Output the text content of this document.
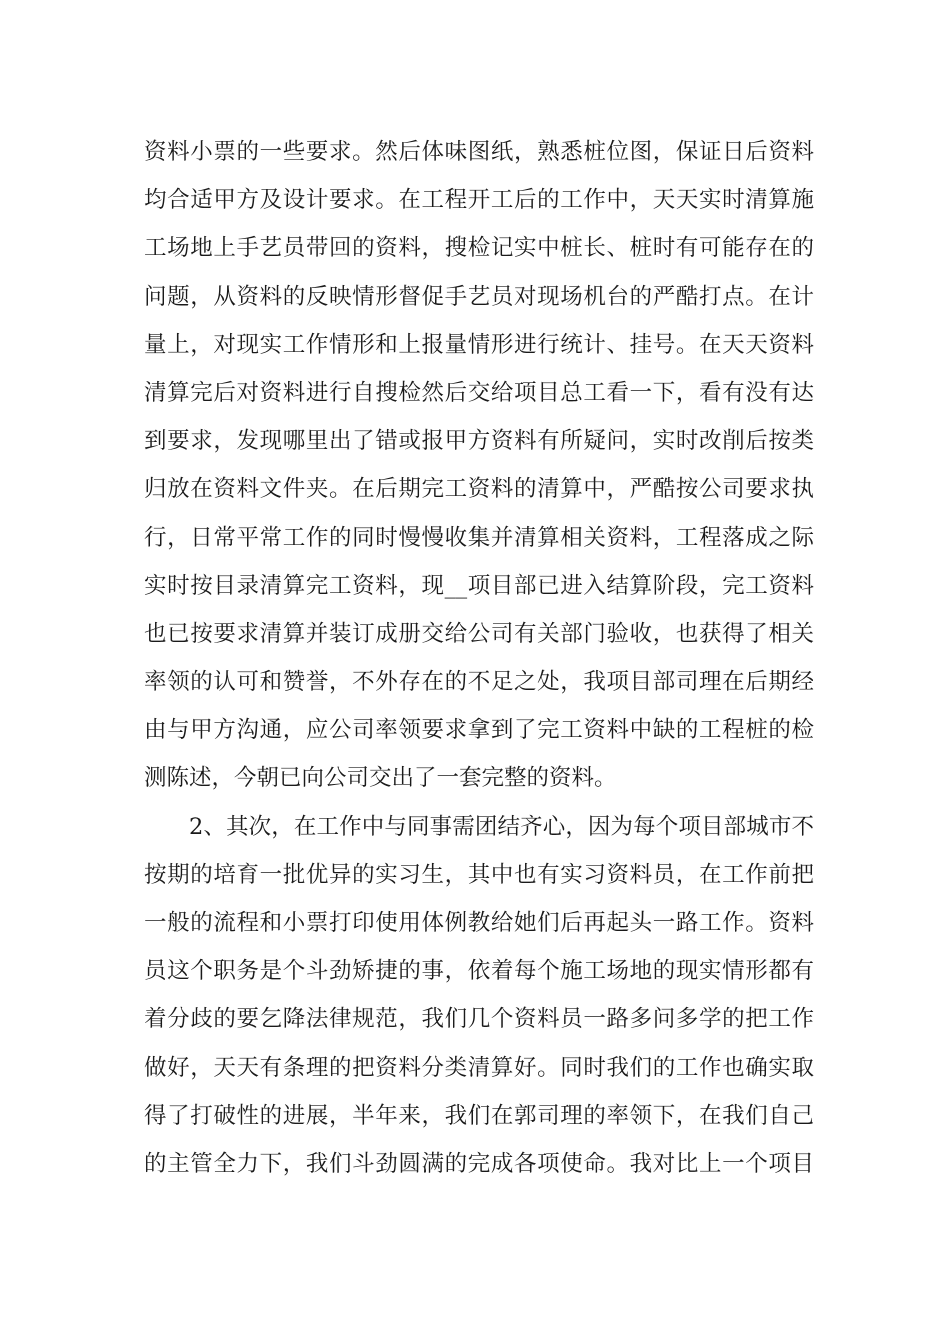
资料小票的一些要求。然后体味图纸，熟悉桩位图，保证日后资料
均合适甲方及设计要求。在工程开工后的工作中，天天实时清算施
工场地上手艺员带回的资料，搜检记实中桩长、桩时有可能存在的
问题，从资料的反映情形督促手艺员对现场机台的严酷打点。在计
量上，对现实工作情形和上报量情形进行统计、挂号。在天天资料
清算完后对资料进行自搜检然后交给项目总工看一下，看有没有达
到要求，发现哪里出了错或报甲方资料有所疑问，实时改削后按类
归放在资料文件夹。在后期完工资料的清算中，严酷按公司要求执
行，日常平常工作的同时慢慢收集并清算相关资料，工程落成之际
实时按目录清算完工资料，现__项目部已进入结算阶段，完工资料
也已按要求清算并装订成册交给公司有关部门验收，也获得了相关
率领的认可和赞誉，不外存在的不足之处，我项目部司理在后期经
由与甲方沟通，应公司率领要求拿到了完工资料中缺的工程桩的检
测陈述，今朝已向公司交出了一套完整的资料。
2、其次，在工作中与同事需团结齐心，因为每个项目部城市不
按期的培育一批优异的实习生，其中也有实习资料员，在工作前把
一般的流程和小票打印使用体例教给她们后再起头一路工作。资料
员这个职务是个斗劲矫捷的事，依着每个施工场地的现实情形都有
着分歧的要乞降法律规范，我们几个资料员一路多问多学的把工作
做好，天天有条理的把资料分类清算好。同时我们的工作也确实取
得了打破性的进展，半年来，我们在郭司理的率领下，在我们自己
的主管全力下，我们斗劲圆满的完成各项使命。我对比上一个项目
